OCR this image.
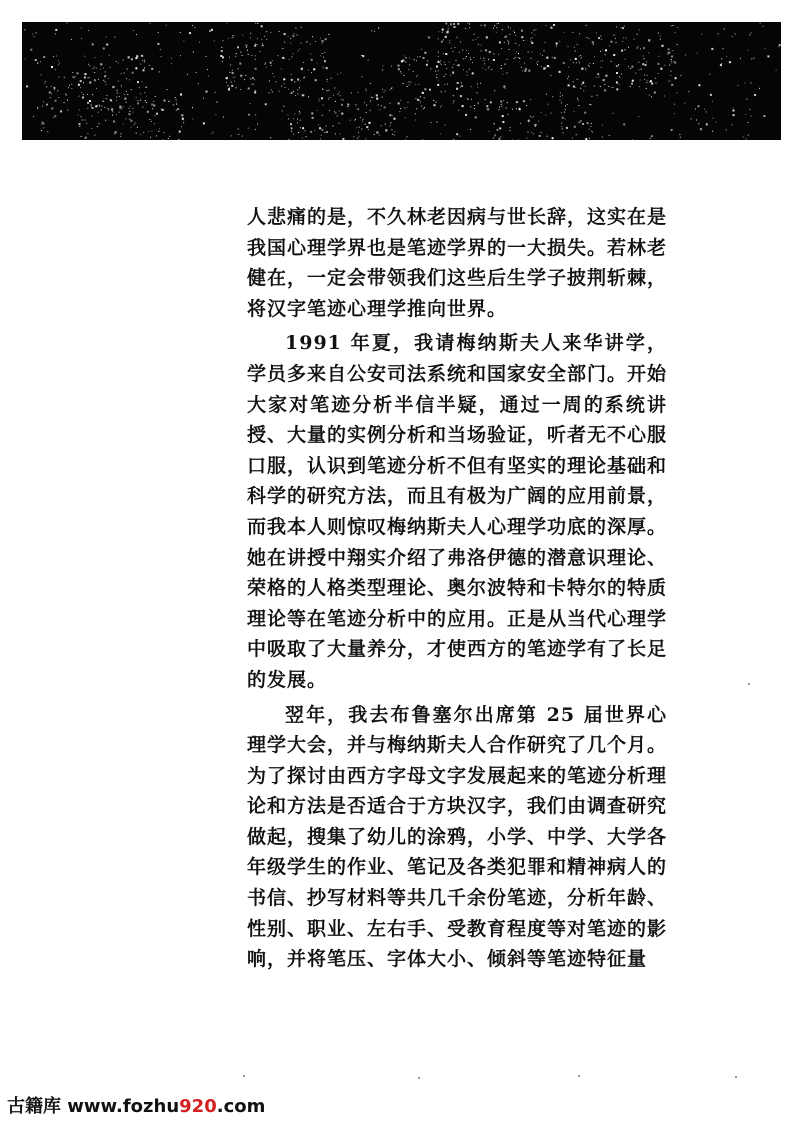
人悲痛的是，不久林老因病与世长辞，这实在是我国心理学界也是笔迹学界的一大损失。若林老健在，一定会带领我们这些后生学子披荆斩棘，将汉字笔迹心理学推向世界。

1991 年夏，我请梅纳斯夫人来华讲学，学员多来自公安司法系统和国家安全部门。开始大家对笔迹分析半信半疑，通过一周的系统讲授、大量的实例分析和当场验证，听者无不心服口服，认识到笔迹分析不但有坚实的理论基础和科学的研究方法，而且有极为广阔的应用前景，而我本人则惊叹梅纳斯夫人心理学功底的深厚。她在讲授中翔实介绍了弗洛伊德的潜意识理论、荣格的人格类型理论、奥尔波特和卡特尔的特质理论等在笔迹分析中的应用。正是从当代心理学中吸取了大量养分，才使西方的笔迹学有了长足的发展。

翌年，我去布鲁塞尔出席第 25 届世界心理学大会，并与梅纳斯夫人合作研究了几个月。为了探讨由西方字母文字发展起来的笔迹分析理论和方法是否适合于方块汉字，我们由调查研究做起，搜集了幼儿的涂鸦，小学、中学、大学各年级学生的作业、笔记及各类犯罪和精神病人的书信、抄写材料等共几千余份笔迹，分析年龄、性别、职业、左右手、受教育程度等对笔迹的影响，并将笔压、字体大小、倾斜等笔迹特征量

古籍库 www.fozhu920.com
